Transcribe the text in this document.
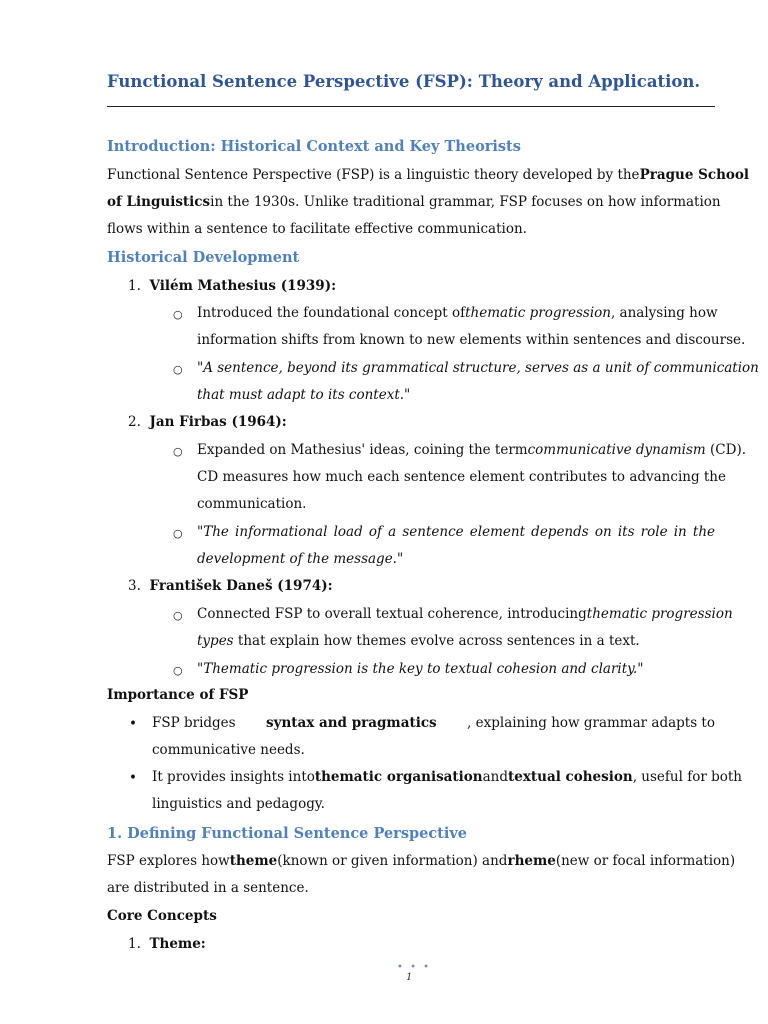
Functional Sentence Perspective (FSP): Theory and Application.
Introduction: Historical Context and Key Theorists
Functional Sentence Perspective (FSP) is a linguistic theory developed by the Prague School
of Linguistics in the 1930s. Unlike traditional grammar, FSP focuses on how information
flows within a sentence to facilitate effective communication.
Historical Development
1. Vilém Mathesius (1939):
○ Introduced the foundational concept of thematic progression, analysing how
information shifts from known to new elements within sentences and discourse.
○ "A sentence, beyond its grammatical structure, serves as a unit of communication
that must adapt to its context."
2. Jan Firbas (1964):
○ Expanded on Mathesius' ideas, coining the term communicative dynamism (CD).
CD measures how much each sentence element contributes to advancing the
communication.
○ "The informational load of a sentence element depends on its role in the
development of the message."
3. František Daneš (1974):
○ Connected FSP to overall textual coherence, introducing thematic progression
types that explain how themes evolve across sentences in a text.
○ "Thematic progression is the key to textual cohesion and clarity."
Importance of FSP
• FSP bridges syntax and pragmatics , explaining how grammar adapts to
communicative needs.
• It provides insights into thematic organisation and textual cohesion , useful for both
linguistics and pedagogy.
1. Defining Functional Sentence Perspective
FSP explores how theme (known or given information) and rheme (new or focal information)
are distributed in a sentence.
Core Concepts
1. Theme:
• • •
1
